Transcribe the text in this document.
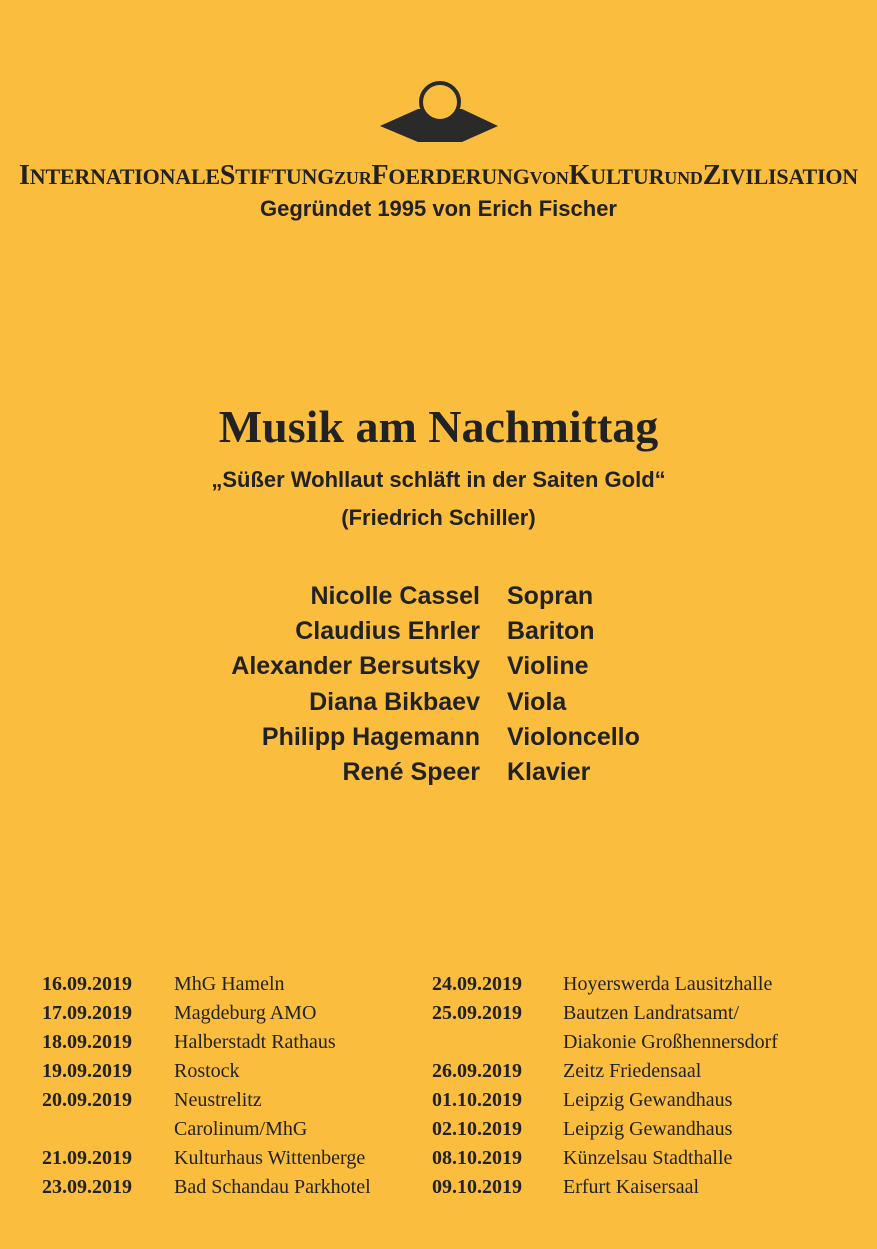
INTERNATIONALESTIFTUNGZURFOERDERUNGVONKULTURUNDZIVILISATION
Gegründet 1995 von Erich Fischer
Musik am Nachmittag
„Süßer Wohllaut schläft in der Saiten Gold“
(Friedrich Schiller)
Nicolle Cassel Sopran
Claudius Ehrler Bariton
Alexander Bersutsky Violine
Diana Bikbaev Viola
Philipp Hagemann Violoncello
René Speer Klavier
16.09.2019 MhG Hameln
17.09.2019 Magdeburg AMO
18.09.2019 Halberstadt Rathaus
19.09.2019 Rostock
20.09.2019 Neustrelitz
Carolinum/MhG
21.09.2019 Kulturhaus Wittenberge
23.09.2019 Bad Schandau Parkhotel
24.09.2019 Hoyerswerda Lausitzhalle
25.09.2019 Bautzen Landratsamt/
Diakonie Großhennersdorf
26.09.2019 Zeitz Friedensaal
01.10.2019 Leipzig Gewandhaus
02.10.2019 Leipzig Gewandhaus
08.10.2019 Künzelsau Stadthalle
09.10.2019 Erfurt Kaisersaal
